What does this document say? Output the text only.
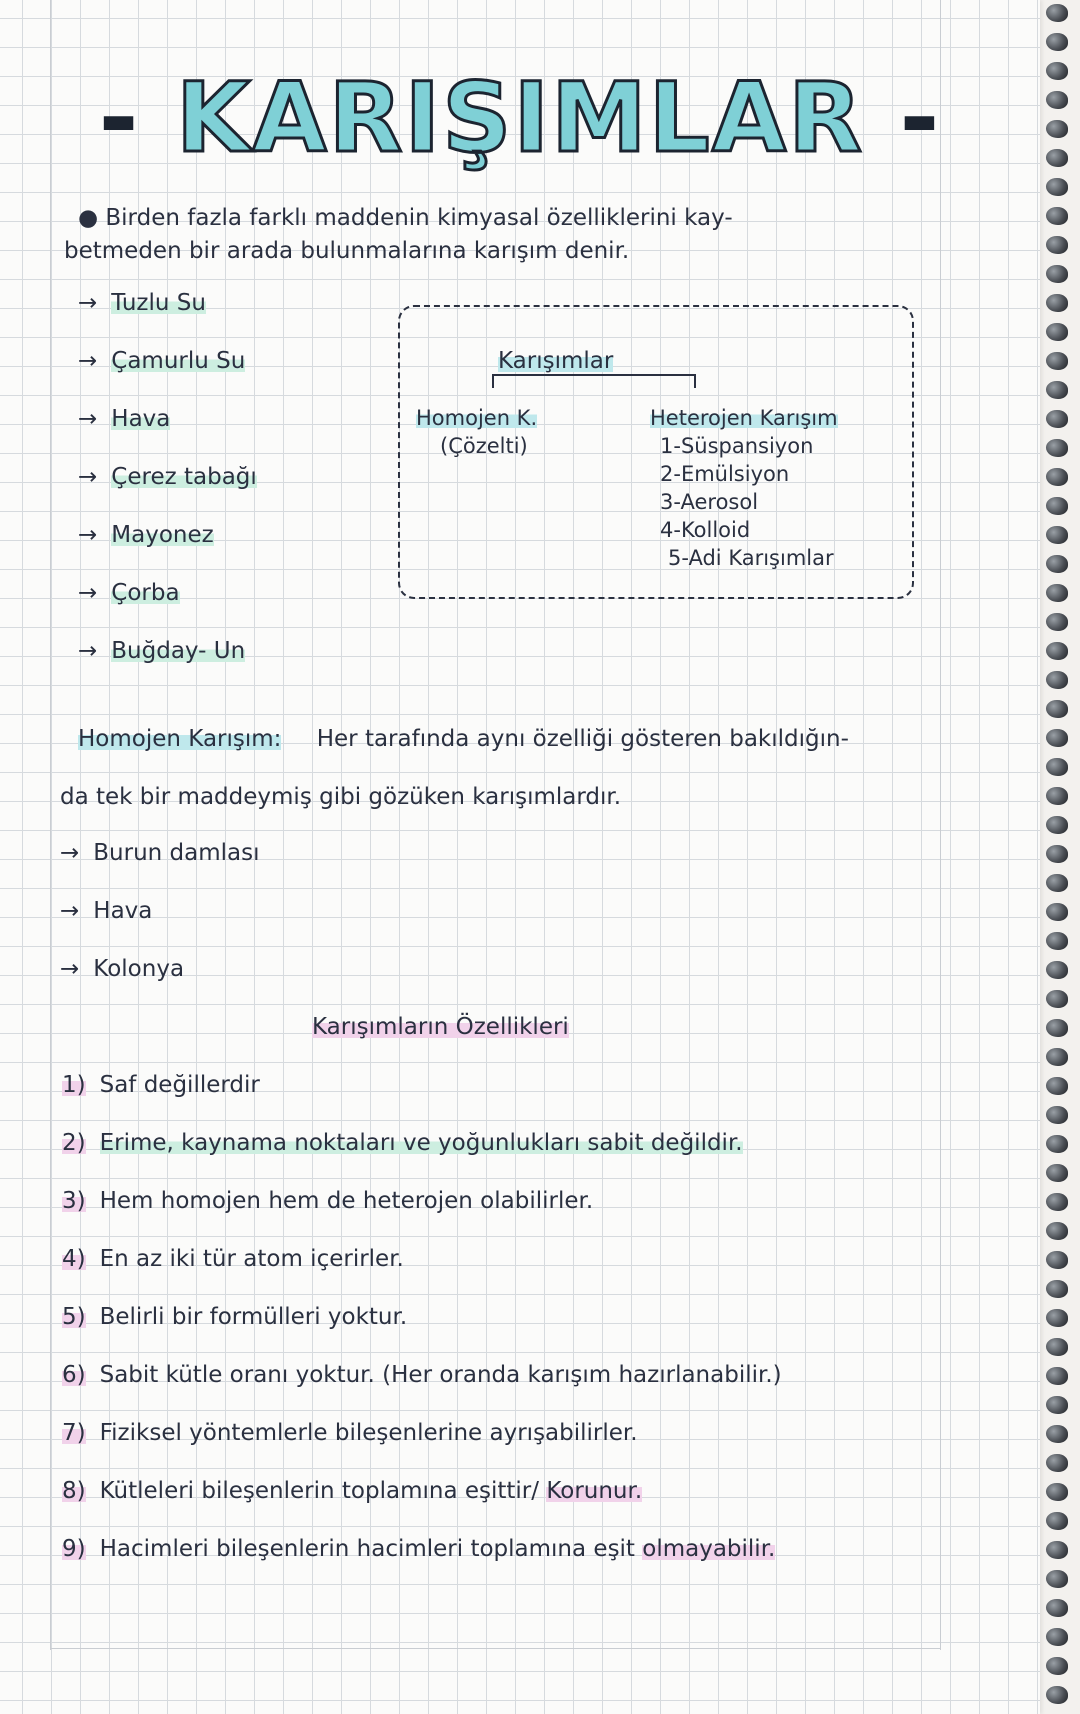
- KARIŞIMLAR -
● Birden fazla farklı maddenin kimyasal özelliklerini kay-
betmeden bir arada bulunmalarına karışım denir.
→ Tuzlu Su
→ Çamurlu Su
→ Hava
→ Çerez tabağı
→ Mayonez
→ Çorba
→ Buğday- Un
Karışımlar
Homojen K.
(Çözelti)
Heterojen Karışım
1-Süspansiyon
2-Emülsiyon
3-Aerosol
4-Kolloid
5-Adi Karışımlar
Homojen Karışım: Her tarafında aynı özelliği gösteren bakıldığın-
da tek bir maddeymiş gibi gözüken karışımlardır.
→ Burun damlası
→ Hava
→ Kolonya
Karışımların Özellikleri
1) Saf değillerdir
2) Erime, kaynama noktaları ve yoğunlukları sabit değildir.
3) Hem homojen hem de heterojen olabilirler.
4) En az iki tür atom içerirler.
5) Belirli bir formülleri yoktur.
6) Sabit kütle oranı yoktur. (Her oranda karışım hazırlanabilir.)
7) Fiziksel yöntemlerle bileşenlerine ayrışabilirler.
8) Kütleleri bileşenlerin toplamına eşittir/ Korunur.
9) Hacimleri bileşenlerin hacimleri toplamına eşit olmayabilir.
